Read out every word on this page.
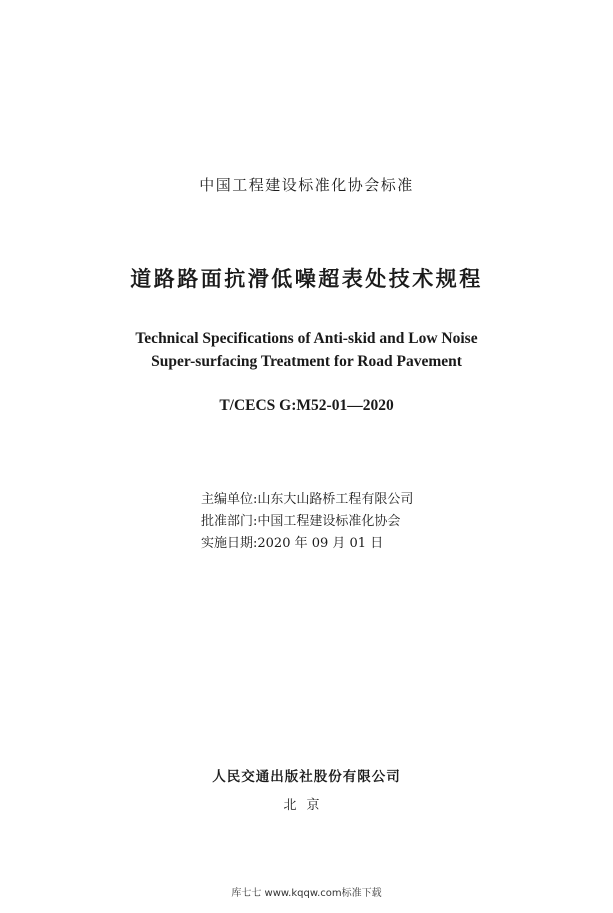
中国工程建设标准化协会标准
道路路面抗滑低噪超表处技术规程
Technical Specifications of Anti-skid and Low Noise
Super-surfacing Treatment for Road Pavement
T/CECS G:M52-01—2020
主编单位:山东大山路桥工程有限公司
批准部门:中国工程建设标准化协会
实施日期:2020 年 09 月 01 日
人民交通出版社股份有限公司
北京
库七七 www.kqqw.com标准下载
